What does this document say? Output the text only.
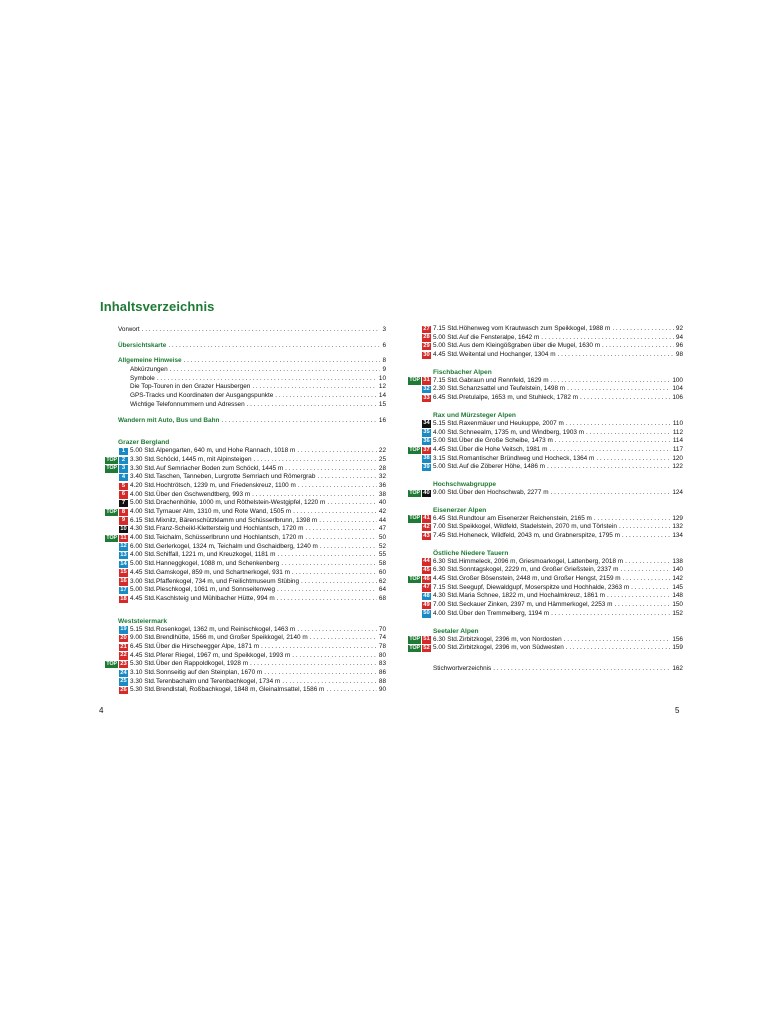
Inhaltsverzeichnis
Vorwort . . .	3
Übersichtskarte . . .	6
Allgemeine Hinweise . . .	8
Abkürzungen . . .	9
Symbole . . .	10
Die Top-Touren in den Grazer Hausbergen . . .	12
GPS-Tracks und Koordinaten der Ausgangspunkte . . .	14
Wichtige Telefonnummern und Adressen . . .	15
Wandern mit Auto, Bus und Bahn . . .	16
Grazer Bergland
1 5.00 Std. Alpengarten, 640 m, und Hohe Rannach, 1018 m . . .	22
TOP 2 3.30 Std. Schöckl, 1445 m, mit Alpinsteigen . . .	25
TOP 3 3.30 Std. Auf Semriacher Boden zum Schöckl, 1445 m . . .	28
4 3.40 Std. Taschen, Tanneben, Lurgrotte Semriach und Römergrab . . .	32
5 4.20 Std. Hochtrötsch, 1239 m, und Friedenskreuz, 1100 m . . .	36
6 4.00 Std. Über den Gschwendtberg, 993 m . . .	38
7 5.00 Std. Drachenhöhle, 1000 m, und Röthelstein-Westgipfel, 1220 m . . .	40
TOP 8 4.00 Std. Tyrnauer Alm, 1310 m, und Rote Wand, 1505 m . . .	42
9 6.15 Std. Mixnitz, Bärenschützklamm und Schüsserlbrunn, 1398 m . . .	44
10 4.30 Std. Franz-Scheikl-Klettersteig und Hochlantsch, 1720 m . . .	47
TOP 11 4.00 Std. Teichalm, Schüsserlbrunn und Hochlantsch, 1720 m . . .	50
12 6.00 Std. Gerlerkogel, 1324 m, Teichalm und Gschaidberg, 1240 m . . .	52
13 4.00 Std. Schiffall, 1221 m, und Kreuzkogel, 1181 m . . .	55
14 5.00 Std. Hanneggkogel, 1088 m, und Schenkenberg . . .	58
15 4.45 Std. Gamskogel, 859 m, und Schartnerkogel, 931 m . . .	60
16 3.00 Std. Pfaffenkogel, 734 m, und Freilichtmuseum Stübing . . .	62
17 5.00 Std. Pleschkogel, 1061 m, und Sonnseitenweg . . .	64
18 4.45 Std. Kaschlsteig und Mühlbacher Hütte, 994 m . . .	68
Weststeiermark
19 5.15 Std. Rosenkogel, 1362 m, und Reinischkogel, 1463 m . . .	70
20 9.00 Std. Brendlhütte, 1566 m, und Großer Speikkogel, 2140 m . . .	74
21 6.45 Std. Über die Hirscheegger Alpe, 1871 m . . .	78
22 4.45 Std. Pferer Riegel, 1967 m, und Speikkogel, 1993 m . . .	80
TOP 23 5.30 Std. Über den Rappoldkogel, 1928 m . . .	83
24 3.10 Std. Sonnseitig auf den Steinplan, 1670 m . . .	86
25 3.30 Std. Terenbachalm und Terenbachkogel, 1734 m . . .	88
26 5.30 Std. Brendlstall, Roßbachkogel, 1848 m, Gleinalmsattel, 1586 m . . .	90
27 7.15 Std. Höhenweg vom Krautwasch zum Speikkogel, 1988 m . . .	92
28 5.00 Std. Auf die Fensteralpe, 1642 m . . .	94
29 5.00 Std. Aus dem Kleingößgraben über die Mugel, 1630 m . . .	96
30 4.45 Std. Weitental und Hochanger, 1304 m . . .	98
Fischbacher Alpen
TOP 31 7.15 Std. Gabraun und Rennfeld, 1629 m . . .	100
32 2.30 Std. Schanzsattel und Teufelstein, 1498 m . . .	104
33 6.45 Std. Pretulalpe, 1653 m, und Stuhleck, 1782 m . . .	106
Rax und Mürzsteger Alpen
34 5.15 Std. Raxenmäuer und Heukuppe, 2007 m . . .	110
35 4.00 Std. Schneealm, 1735 m, und Windberg, 1903 m . . .	112
36 5.00 Std. Über die Große Scheibe, 1473 m . . .	114
TOP 37 4.45 Std. Über die Hohe Veitsch, 1981 m . . .	117
38 3.15 Std. Romantischer Bründlweg und Hocheck, 1364 m . . .	120
39 5.00 Std. Auf die Zöberer Höhe, 1486 m . . .	122
Hochschwabgruppe
TOP 40 9.00 Std. Über den Hochschwab, 2277 m . . .	124
Eisenerzer Alpen
TOP 41 6.45 Std. Rundtour am Eisenerzer Reichenstein, 2165 m . . .	129
42 7.00 Std. Speikkogel, Wildfeld, Stadelstein, 2070 m, und Törlstein . . .	132
43 7.45 Std. Hoheneck, Wildfeld, 2043 m, und Grabnerspitze, 1795 m . . .	134
Östliche Niedere Tauern
44 6.30 Std. Himmeleck, 2096 m, Griesmoarkogel, Lattenberg, 2018 m . . .	138
45 6.30 Std. Sonntagskogel, 2229 m, und Großer Grießstein, 2337 m . . .	140
TOP 46 4.45 Std. Großer Bösenstein, 2448 m, und Großer Hengst, 2159 m . . .	142
47 7.15 Std. Seegupf, Diewaldgupf, Moserspitze und Hochhalde, 2363 m . . .	145
48 4.30 Std. Maria Schnee, 1822 m, und Hochalmkreuz, 1861 m . . .	148
49 7.00 Std. Seckauer Zinken, 2397 m, und Hämmerkogel, 2253 m . . .	150
50 4.00 Std. Über den Tremmelberg, 1194 m . . .	152
Seetaler Alpen
TOP 51 6.30 Std. Zirbitzkogel, 2396 m, von Nordosten . . .	156
TOP 52 5.00 Std. Zirbitzkogel, 2396 m, von Südwesten . . .	159
Stichwortverzeichnis . . .	162
4	5
